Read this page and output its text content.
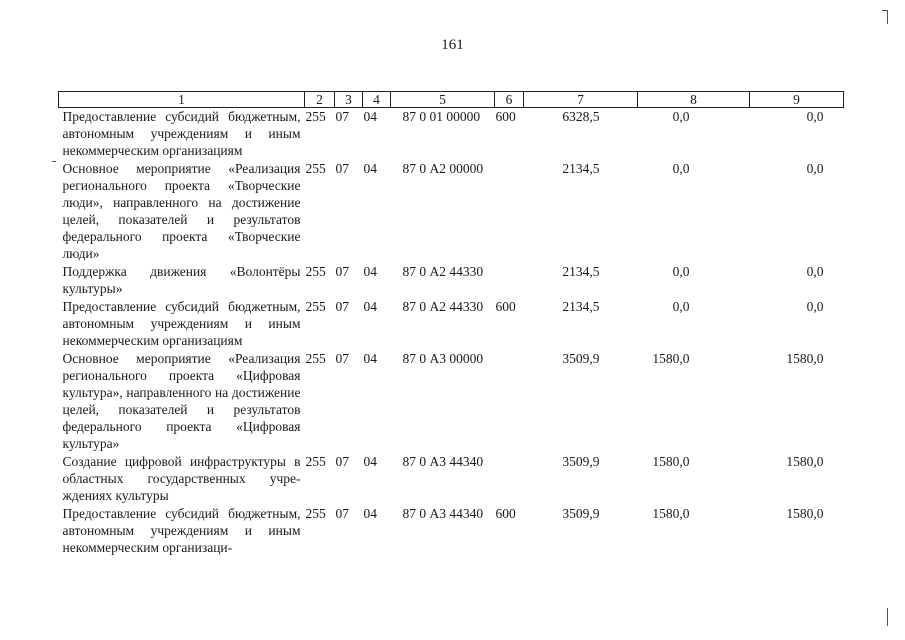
161
1	2	3	4	5	6	7	8	9
Предоставление субсидий бюджетным, автономным учреждениям и иным некоммерческим организациям	255	07	04	87 0 01 00000	600	6328,5	0,0	0,0
Основное мероприятие «Реализация регионального проекта «Творческие люди», направленного на достижение целей, показателей и результатов федерального проекта «Творческие люди»	255	07	04	87 0 А2 00000		2134,5	0,0	0,0
Поддержка движения «Волонтёры культуры»	255	07	04	87 0 А2 44330		2134,5	0,0	0,0
Предоставление субсидий бюджетным, автономным учреждениям и иным некоммерческим организациям	255	07	04	87 0 А2 44330	600	2134,5	0,0	0,0
Основное мероприятие «Реализация регионального проекта «Цифровая культура», направленного на достижение целей, показателей и результатов федерального проекта «Цифровая культура»	255	07	04	87 0 А3 00000		3509,9	1580,0	1580,0
Создание цифровой инфраструктуры в областных государственных учреждениях культуры	255	07	04	87 0 А3 44340		3509,9	1580,0	1580,0
Предоставление субсидий бюджетным, автономным учреждениям и иным некоммерческим организаци-	255	07	04	87 0 А3 44340	600	3509,9	1580,0	1580,0
